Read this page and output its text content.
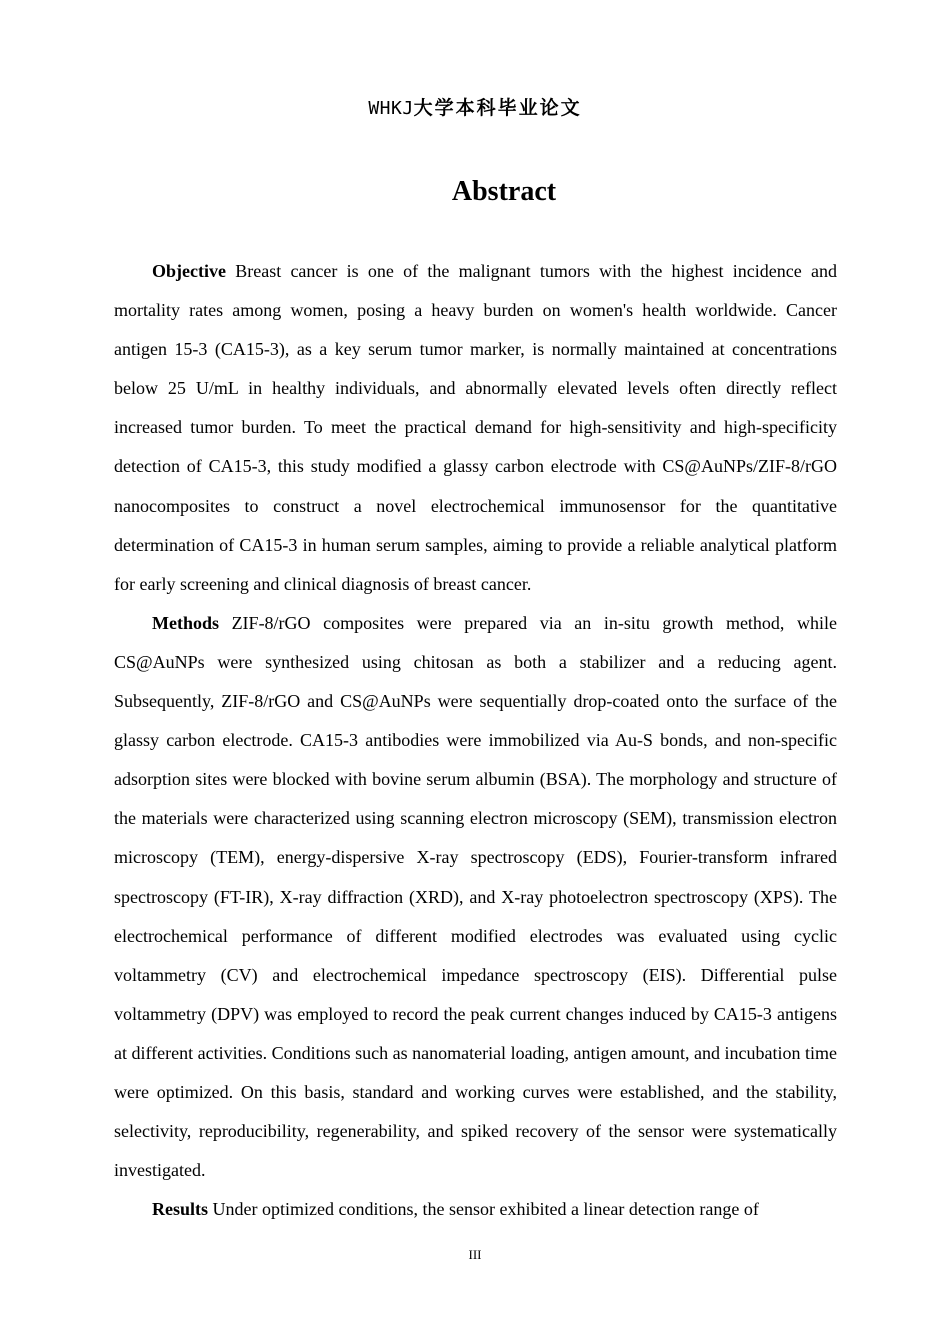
WHKJ大学本科毕业论文
Abstract

Objective Breast cancer is one of the malignant tumors with the highest incidence and mortality rates among women, posing a heavy burden on women's health worldwide. Cancer antigen 15-3 (CA15-3), as a key serum tumor marker, is normally maintained at concentrations below 25 U/mL in healthy individuals, and abnormally elevated levels often directly reflect increased tumor burden. To meet the practical demand for high-sensitivity and high-specificity detection of CA15-3, this study modified a glassy carbon electrode with CS@AuNPs/ZIF-8/rGO nanocomposites to construct a novel electrochemical immunosensor for the quantitative determination of CA15-3 in human serum samples, aiming to provide a reliable analytical platform for early screening and clinical diagnosis of breast cancer.

Methods ZIF-8/rGO composites were prepared via an in-situ growth method, while CS@AuNPs were synthesized using chitosan as both a stabilizer and a reducing agent. Subsequently, ZIF-8/rGO and CS@AuNPs were sequentially drop-coated onto the surface of the glassy carbon electrode. CA15-3 antibodies were immobilized via Au-S bonds, and non-specific adsorption sites were blocked with bovine serum albumin (BSA). The morphology and structure of the materials were characterized using scanning electron microscopy (SEM), transmission electron microscopy (TEM), energy-dispersive X-ray spectroscopy (EDS), Fourier-transform infrared spectroscopy (FT-IR), X-ray diffraction (XRD), and X-ray photoelectron spectroscopy (XPS). The electrochemical performance of different modified electrodes was evaluated using cyclic voltammetry (CV) and electrochemical impedance spectroscopy (EIS). Differential pulse voltammetry (DPV) was employed to record the peak current changes induced by CA15-3 antigens at different activities. Conditions such as nanomaterial loading, antigen amount, and incubation time were optimized. On this basis, standard and working curves were established, and the stability, selectivity, reproducibility, regenerability, and spiked recovery of the sensor were systematically investigated.

Results Under optimized conditions, the sensor exhibited a linear detection range of

III
